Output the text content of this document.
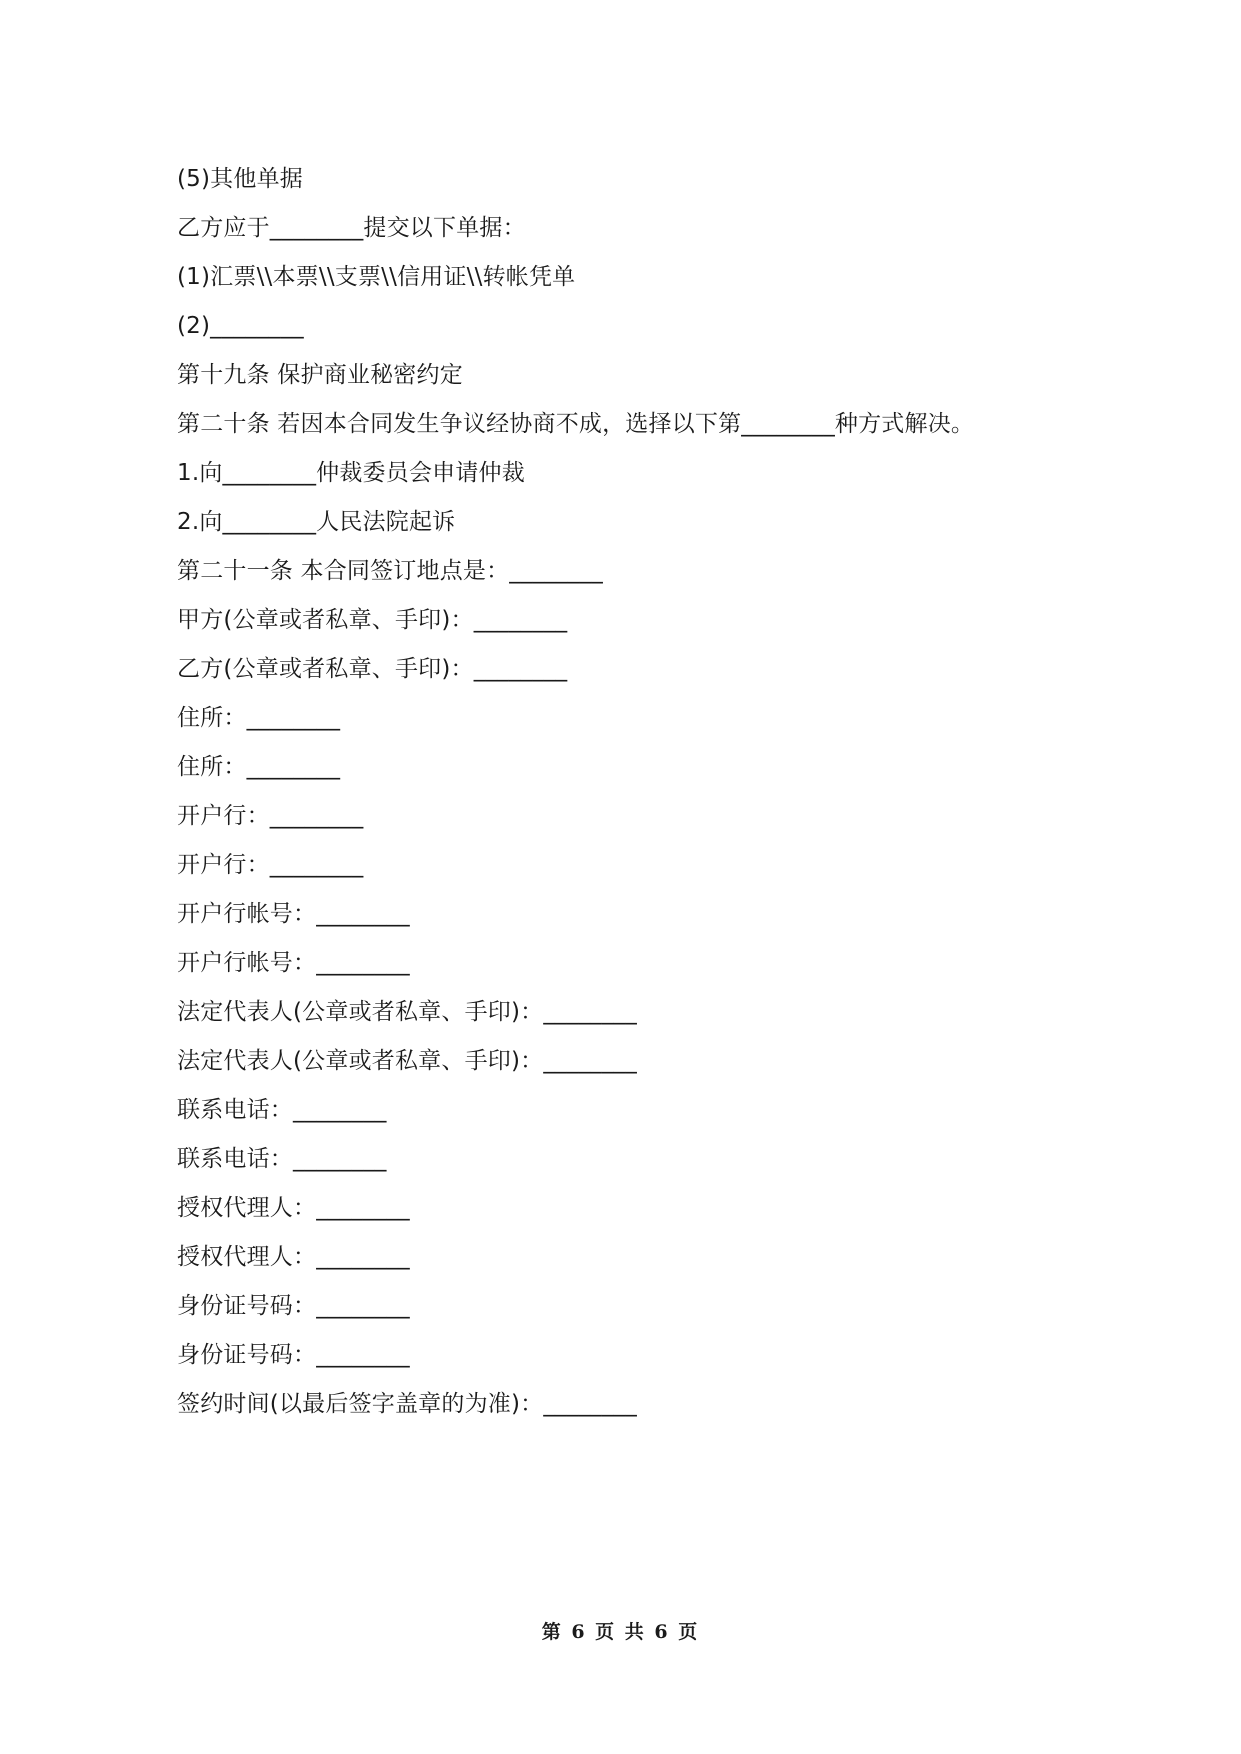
(5)其他单据
乙方应于________提交以下单据：
(1)汇票\\本票\\支票\\信用证\\转帐凭单
(2)________
第十九条 保护商业秘密约定
第二十条 若因本合同发生争议经协商不成，选择以下第________种方式解决。
1.向________仲裁委员会申请仲裁
2.向________人民法院起诉
第二十一条 本合同签订地点是：________
甲方(公章或者私章、手印)：________
乙方(公章或者私章、手印)：________
住所：________
住所：________
开户行：________
开户行：________
开户行帐号：________
开户行帐号：________
法定代表人(公章或者私章、手印)：________
法定代表人(公章或者私章、手印)：________
联系电话：________
联系电话：________
授权代理人：________
授权代理人：________
身份证号码：________
身份证号码：________
签约时间(以最后签字盖章的为准)：________
第 6 页 共 6 页
